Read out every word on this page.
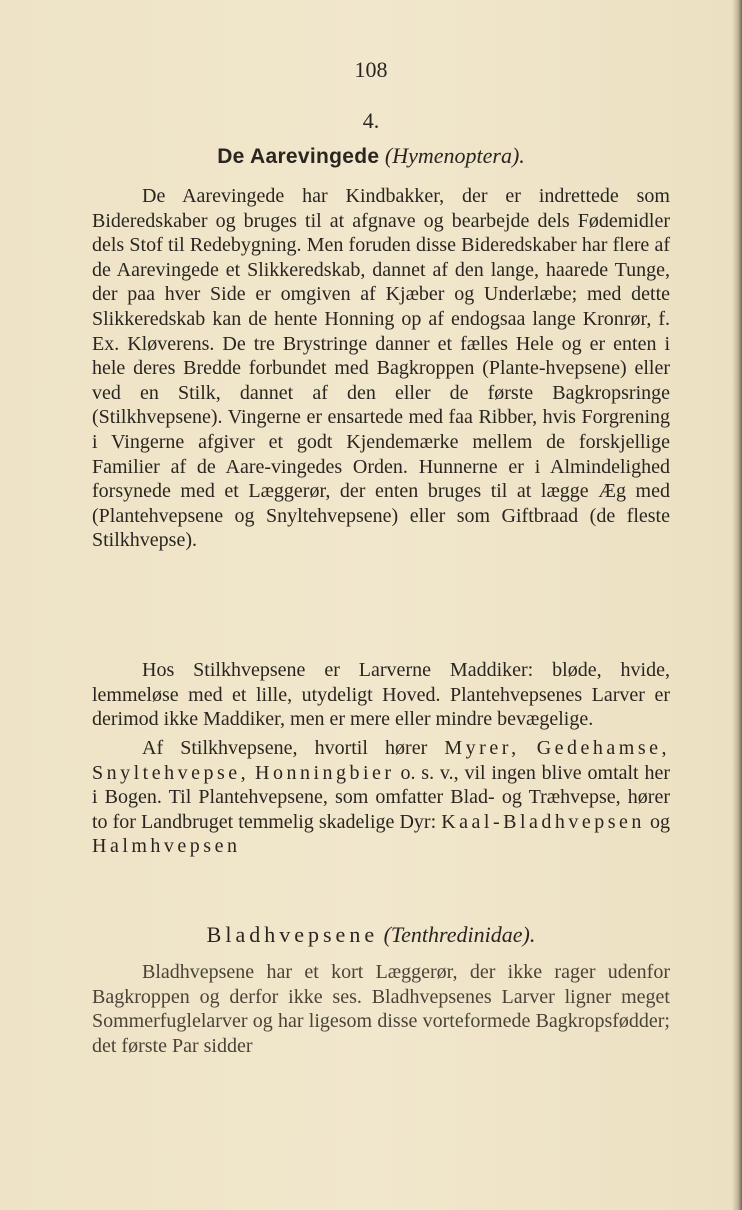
108
4.
De Aarevingede (Hymenoptera).

De Aarevingede har Kindbakker, der er indrettede som Bideredskaber og bruges til at afgnave og bearbejde dels Fødemidler dels Stof til Redebygning. Men foruden disse Bideredskaber har flere af de Aarevingede et Slikkeredskab, dannet af den lange, haarede Tunge, der paa hver Side er omgiven af Kjæber og Underlæbe; med dette Slikkeredskab kan de hente Honning op af endogsaa lange Kronrør, f. Ex. Kløverens. De tre Brystringe danner et fælles Hele og er enten i hele deres Bredde forbundet med Bagkroppen (Plante-hvepsene) eller ved en Stilk, dannet af den eller de første Bagkropsringe (Stilkhvepsene). Vingerne er ensartede med faa Ribber, hvis Forgrening i Vingerne afgiver et godt Kjendemærke mellem de forskjellige Familier af de Aare-vingedes Orden. Hunnerne er i Almindelighed forsynede med et Læggerør, der enten bruges til at lægge Æg med (Plantehvepsene og Snyltehvepsene) eller som Giftbraad (de fleste Stilkhvepse).

Hos Stilkhvepsene er Larverne Maddiker: bløde, hvide, lemmeløse med et lille, utydeligt Hoved. Plantehvepsenes Larver er derimod ikke Maddiker, men er mere eller mindre bevægelige.

Af Stilkhvepsene, hvortil hører Myrer, Gedehamse, Snyltehvepse, Honningbier o. s. v., vil ingen blive omtalt her i Bogen. Til Plantehvepsene, som omfatter Blad- og Træhvepse, hører to for Landbruget temmelig skadelige Dyr: Kaal-Bladhvepsen og Halmhvepsen

Bladhvepsene (Tenthredinidae).

Bladhvepsene har et kort Læggerør, der ikke rager udenfor Bagkroppen og derfor ikke ses. Bladhvepsenes Larver ligner meget Sommerfuglelarver og har ligesom disse vorteformede Bagkropsfødder; det første Par sidder
